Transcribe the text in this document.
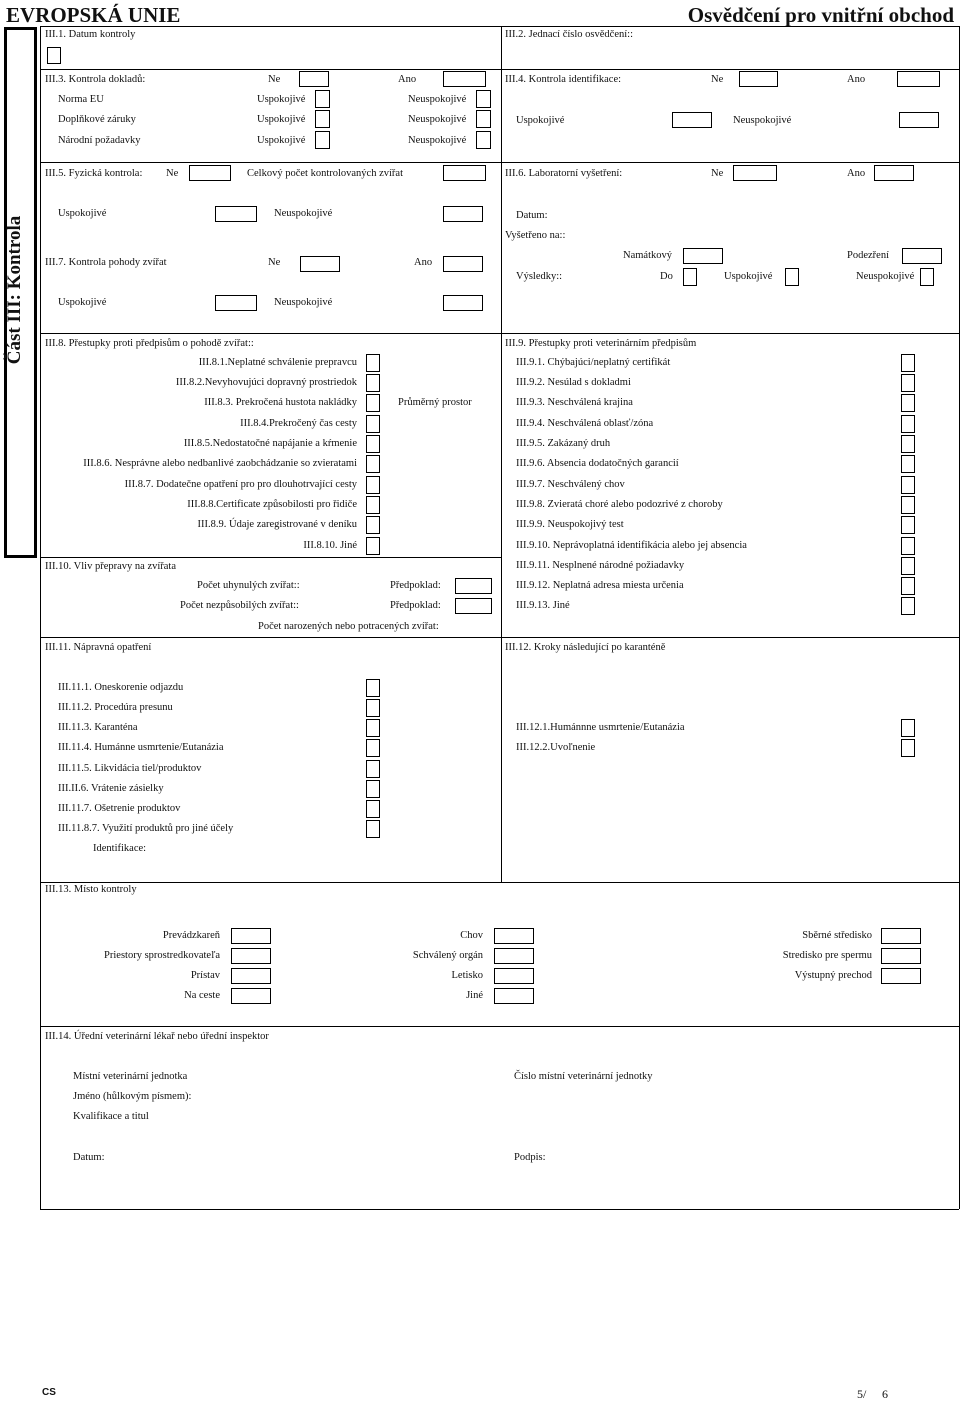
EVROPSKÁ UNIE	Osvědčení pro vnitřní obchod
Část III: Kontrola
III.1. Datum kontroly	III.2. Jednací číslo osvědčení::
III.3. Kontrola dokladů:	Ne	Ano
Norma EU	Uspokojivé	Neuspokojivé
Doplňkové záruky	Uspokojivé	Neuspokojivé
Národní požadavky	Uspokojivé	Neuspokojivé
III.4. Kontrola identifikace:	Ne	Ano
Uspokojivé	Neuspokojivé
III.5. Fyzická kontrola: Ne	Celkový počet kontrolovaných zvířat
Uspokojivé	Neuspokojivé
III.6. Laboratorní vyšetření:	Ne	Ano
Datum:
Vyšetřeno na::
Namátkový	Podezření
Výsledky::	Do	Uspokojivé	Neuspokojivé
III.7. Kontrola pohody zvířat	Ne	Ano
Uspokojivé	Neuspokojivé
III.8. Přestupky proti předpisům o pohodě zvířat::
III.8.1.Neplatné schválenie prepravcu
III.8.2.Nevyhovujúci dopravný prostriedok
III.8.3. Prekročená hustota nakládky	Průměrný prostor
III.8.4.Prekročený čas cesty
III.8.5.Nedostatočné napájanie a kŕmenie
III.8.6. Nesprávne alebo nedbanlivé zaobchádzanie so zvieratami
III.8.7. Dodatečne opatření pro pro dlouhotrvající cesty
III.8.8.Certificate způsobilosti pro řidiče
III.8.9. Údaje zaregistrované v deníku
III.8.10. Jiné
III.9. Přestupky proti veterinárním předpisům
III.9.1. Chýbajúci/neplatný certifikát
III.9.2. Nesúlad s dokladmi
III.9.3. Neschválená krajina
III.9.4. Neschválená oblasť/zóna
III.9.5. Zakázaný druh
III.9.6. Absencia dodatočných garancií
III.9.7. Neschválený chov
III.9.8. Zvieratá choré alebo podozrivé z choroby
III.9.9. Neuspokojivý test
III.9.10. Neprávoplatná identifikácia alebo jej absencia
III.9.11. Nesplnené národné požiadavky
III.9.12. Neplatná adresa miesta určenia
III.9.13. Jiné
III.10. Vliv přepravy na zvířata
Počet uhynulých zvířat::	Předpoklad:
Počet nezpůsobilých zvířat::	Předpoklad:
Počet narozených nebo potracených zvířat:
III.11. Nápravná opatření
III.11.1. Oneskorenie odjazdu
III.11.2. Procedúra presunu
III.11.3. Karanténa
III.11.4. Humánne usmrtenie/Eutanázia
III.11.5. Likvidácia tiel/produktov
III.II.6. Vrátenie zásielky
III.11.7. Ošetrenie produktov
III.11.8.7. Využití produktů pro jiné účely
Identifikace:
III.12. Kroky následující po karanténě
III.12.1.Humánnne usmrtenie/Eutanázia
III.12.2.Uvoľnenie
III.13. Místo kontroly
Prevádzkareň
Priestory sprostredkovateľa
Prístav
Na ceste
Chov
Schválený orgán
Letisko
Jiné
Sběrné středisko
Stredisko pre spermu
Výstupný prechod
III.14. Úřední veterinární lékař nebo úřední inspektor
Místní veterinární jednotka	Číslo místní veterinární jednotky
Jméno (hůlkovým písmem):
Kvalifikace a titul
Datum:	Podpis:
CS	5/ 6
